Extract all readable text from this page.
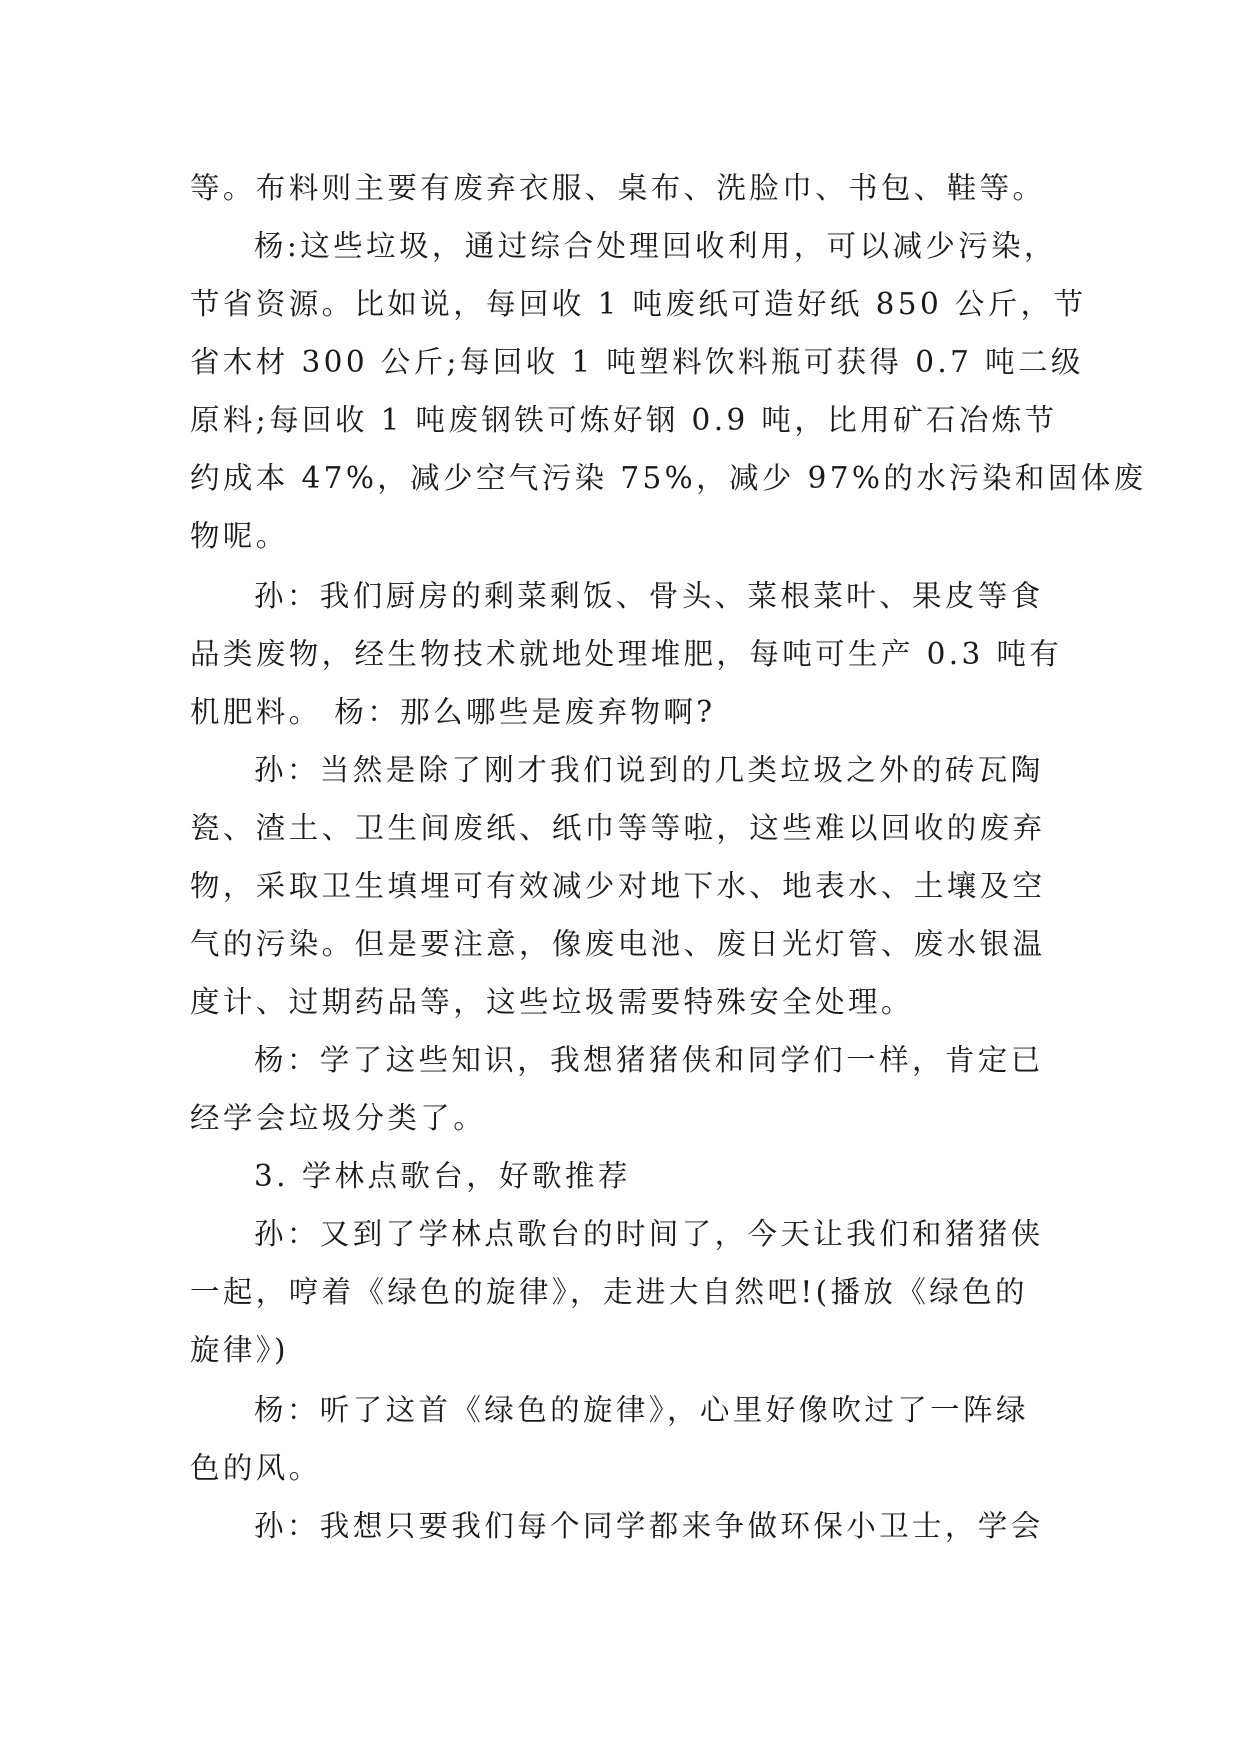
等。布料则主要有废弃衣服、桌布、洗脸巾、书包、鞋等。
杨:这些垃圾，通过综合处理回收利用，可以减少污染，
节省资源。比如说，每回收 1 吨废纸可造好纸 850 公斤，节
省木材 300 公斤;每回收 1 吨塑料饮料瓶可获得 0.7 吨二级
原料;每回收 1 吨废钢铁可炼好钢 0.9 吨，比用矿石冶炼节
约成本 47%，减少空气污染 75%，减少 97%的水污染和固体废
物呢。
孙：我们厨房的剩菜剩饭、骨头、菜根菜叶、果皮等食
品类废物，经生物技术就地处理堆肥，每吨可生产 0.3 吨有
机肥料。 杨：那么哪些是废弃物啊?
孙：当然是除了刚才我们说到的几类垃圾之外的砖瓦陶
瓷、渣土、卫生间废纸、纸巾等等啦，这些难以回收的废弃
物，采取卫生填埋可有效减少对地下水、地表水、土壤及空
气的污染。但是要注意，像废电池、废日光灯管、废水银温
度计、过期药品等，这些垃圾需要特殊安全处理。
杨：学了这些知识，我想猪猪侠和同学们一样，肯定已
经学会垃圾分类了。
3. 学林点歌台，好歌推荐
孙：又到了学林点歌台的时间了，今天让我们和猪猪侠
一起，哼着《绿色的旋律》，走进大自然吧!(播放《绿色的
旋律》)
杨：听了这首《绿色的旋律》，心里好像吹过了一阵绿
色的风。
孙：我想只要我们每个同学都来争做环保小卫士，学会
